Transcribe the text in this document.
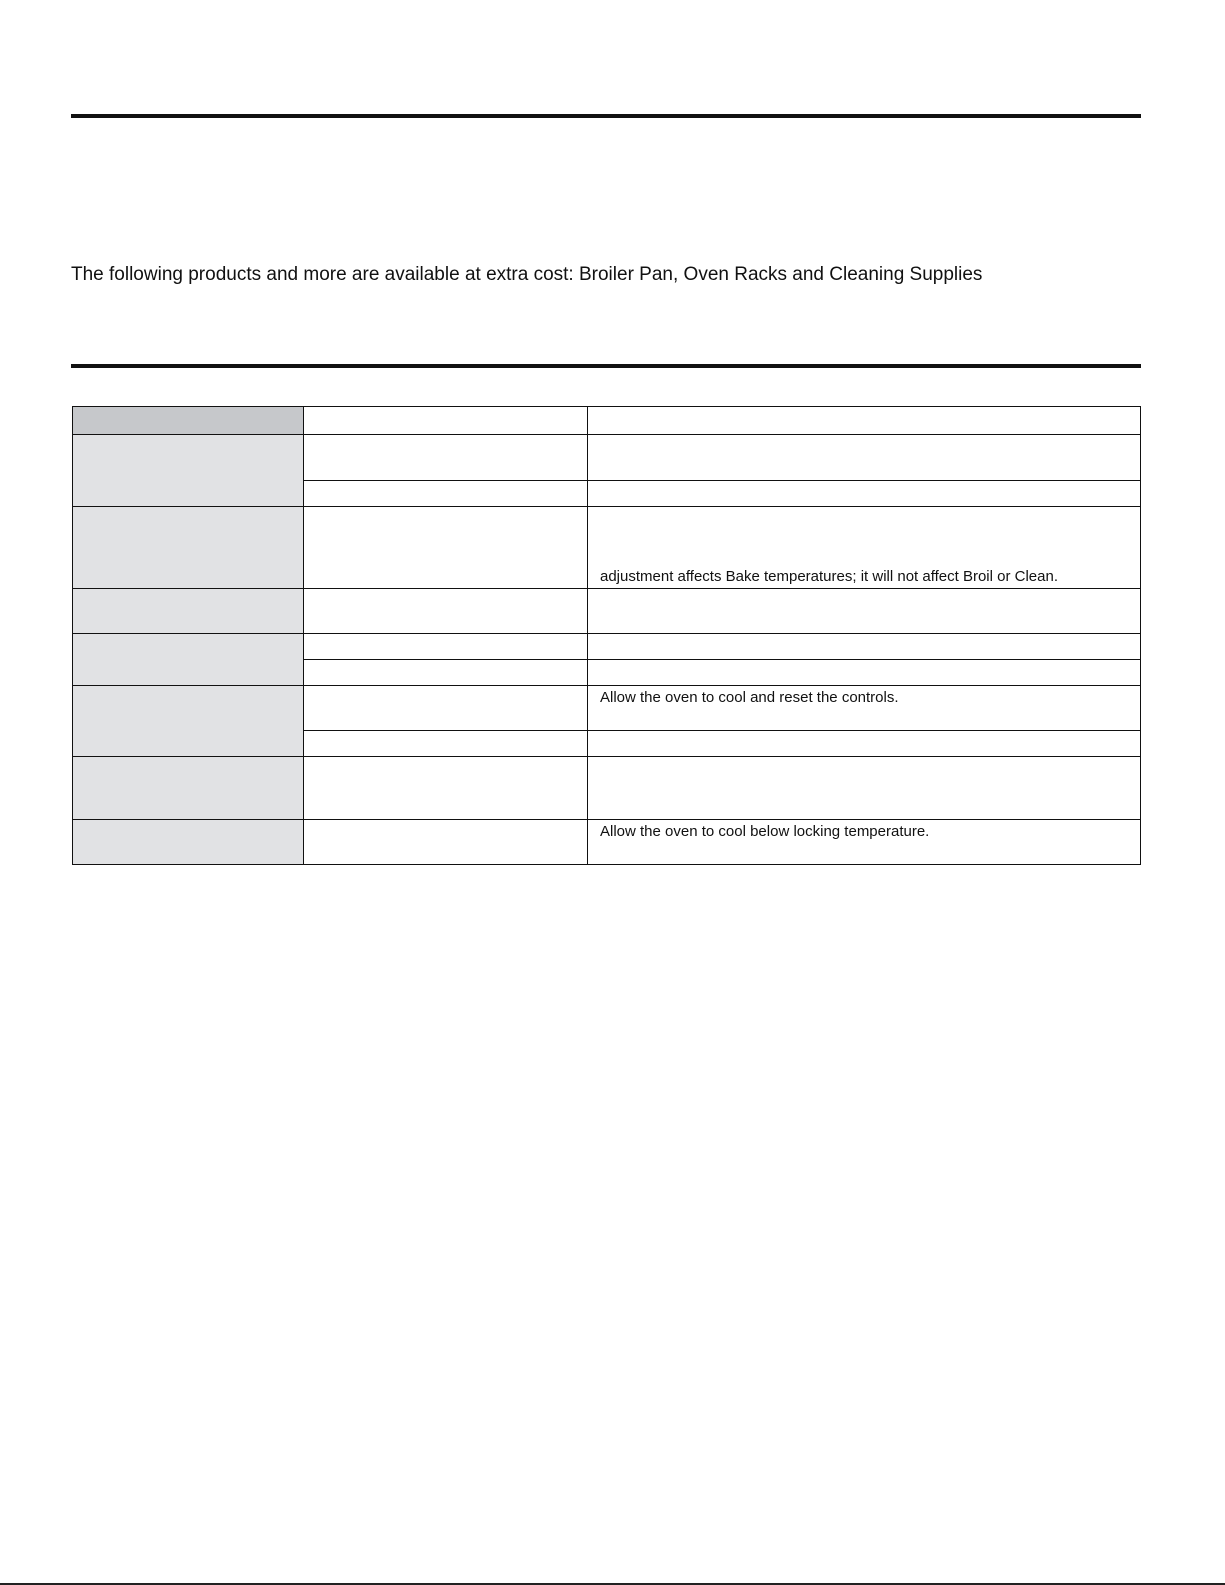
The following products and more are available at extra cost: Broiler Pan, Oven Racks and Cleaning Supplies

		adjustment affects Bake temperatures; it will not affect Broil or Clean.

		Allow the oven to cool and reset the controls.

		Allow the oven to cool below locking temperature.
